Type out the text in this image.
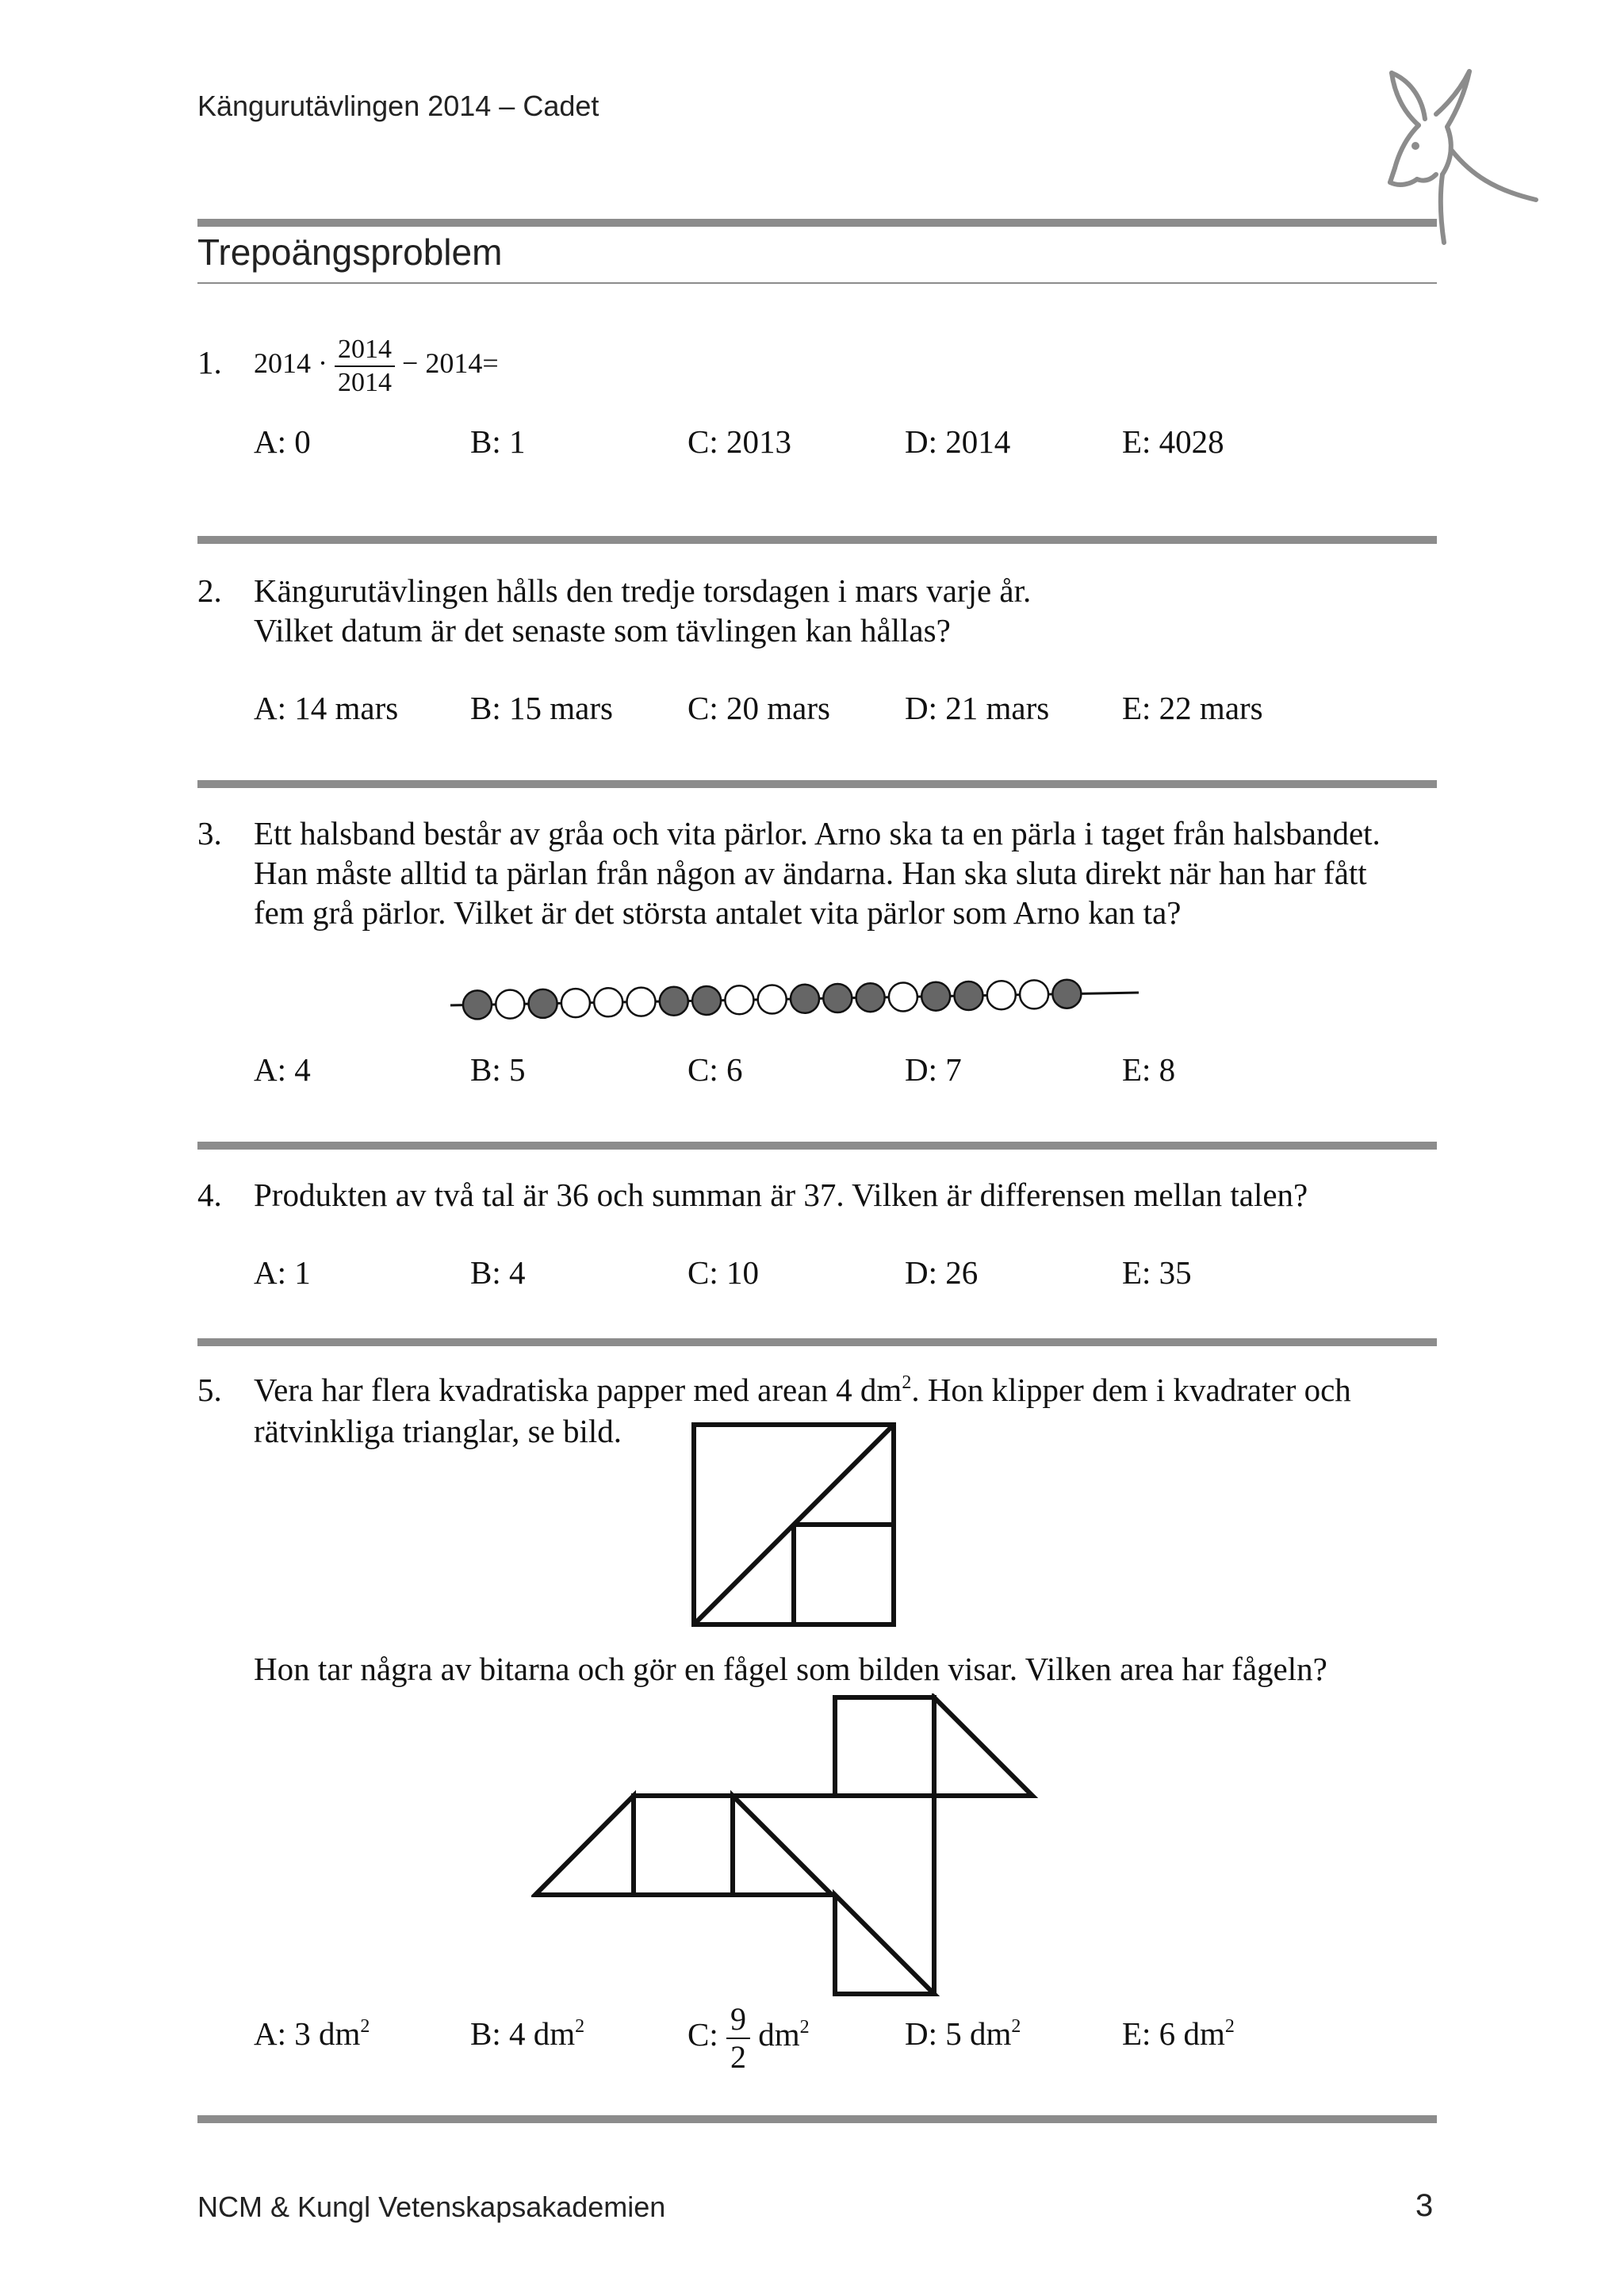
Kängurutävlingen 2014 – Cadet
Trepoängsproblem
1. $2014 \cdot \frac{2014}{2014} - 2014=$
A: 0	B: 1	C: 2013	D: 2014	E: 4028
2. Kängurutävlingen hålls den tredje torsdagen i mars varje år.
Vilket datum är det senaste som tävlingen kan hållas?
A: 14 mars B: 15 mars C: 20 mars D: 21 mars E: 22 mars
3. Ett halsband består av gråa och vita pärlor. Arno ska ta en pärla i taget från halsbandet.
Han måste alltid ta pärlan från någon av ändarna. Han ska sluta direkt när han har fått
fem grå pärlor. Vilket är det största antalet vita pärlor som Arno kan ta?
A: 4	B: 5	C: 6	D: 7	E: 8
4. Produkten av två tal är 36 och summan är 37. Vilken är differensen mellan talen?
A: 1	B: 4	C: 10	D: 26	E: 35
5. Vera har flera kvadratiska papper med arean 4 $dm^2$. Hon klipper dem i kvadrater och
rätvinkliga trianglar, se bild.
Hon tar några av bitarna och gör en fågel som bilden visar. Vilken area har fågeln?
A: 3 $dm^2$	B: 4 $dm^2$	C: $\frac{9}{2} dm^2$	D: 5 $dm^2$	E: 6 $dm^2$
NCM & Kungl Vetenskapsakademien	3
